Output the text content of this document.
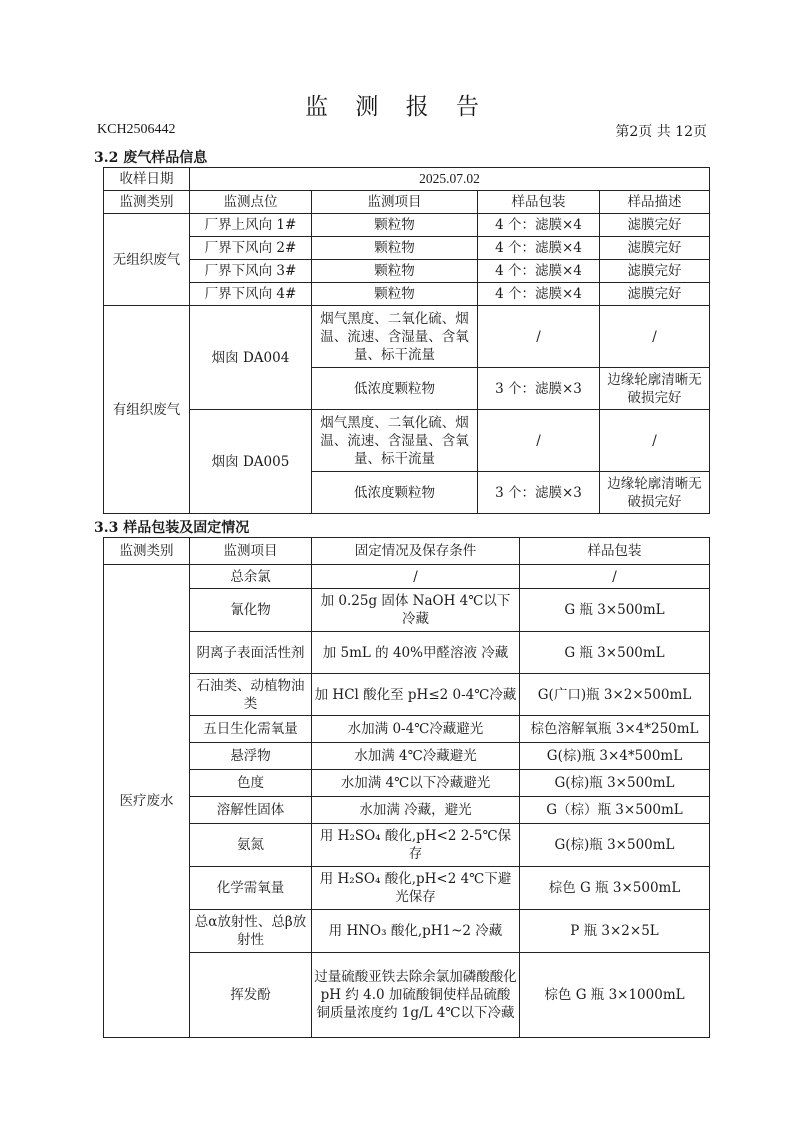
监 测 报 告
KCH2506442	第2页 共 12页
3.2 废气样品信息
收样日期	2025.07.02			
监测类别	监测点位	监测项目	样品包装	样品描述
无组织废气	厂界上风向 1#	颗粒物	4 个：滤膜×4	滤膜完好
	厂界下风向 2#	颗粒物	4 个：滤膜×4	滤膜完好
	厂界下风向 3#	颗粒物	4 个：滤膜×4	滤膜完好
	厂界下风向 4#	颗粒物	4 个：滤膜×4	滤膜完好
有组织废气	烟囱 DA004	烟气黑度、二氧化硫、烟温、流速、含湿量、含氧量、标干流量	/	/
		低浓度颗粒物	3 个：滤膜×3	边缘轮廓清晰无破损完好
	烟囱 DA005	烟气黑度、二氧化硫、烟温、流速、含湿量、含氧量、标干流量	/	/
		低浓度颗粒物	3 个：滤膜×3	边缘轮廓清晰无破损完好
3.3 样品包装及固定情况
监测类别	监测项目	固定情况及保存条件	样品包装
医疗废水	总余氯	/	/
	氰化物	加 0.25g 固体 NaOH 4℃以下冷藏	G 瓶 3×500mL
	阴离子表面活性剂	加 5mL 的 40%甲醛溶液 冷藏	G 瓶 3×500mL
	石油类、动植物油类	加 HCl 酸化至 pH≤2 0-4℃冷藏	G(广口)瓶 3×2×500mL
	五日生化需氧量	水加满 0-4℃冷藏避光	棕色溶解氧瓶 3×4*250mL
	悬浮物	水加满 4℃冷藏避光	G(棕)瓶 3×4*500mL
	色度	水加满 4℃以下冷藏避光	G(棕)瓶 3×500mL
	溶解性固体	水加满 冷藏，避光	G（棕）瓶 3×500mL
	氨氮	用 H₂SO₄ 酸化,pH<2 2-5℃保存	G(棕)瓶 3×500mL
	化学需氧量	用 H₂SO₄ 酸化,pH<2 4℃下避光保存	棕色 G 瓶 3×500mL
	总α放射性、总β放射性	用 HNO₃ 酸化,pH1~2 冷藏	P 瓶 3×2×5L
	挥发酚	过量硫酸亚铁去除余氯加磷酸酸化 pH 约 4.0 加硫酸铜使样品硫酸铜质量浓度约 1g/L 4℃以下冷藏	棕色 G 瓶 3×1000mL
